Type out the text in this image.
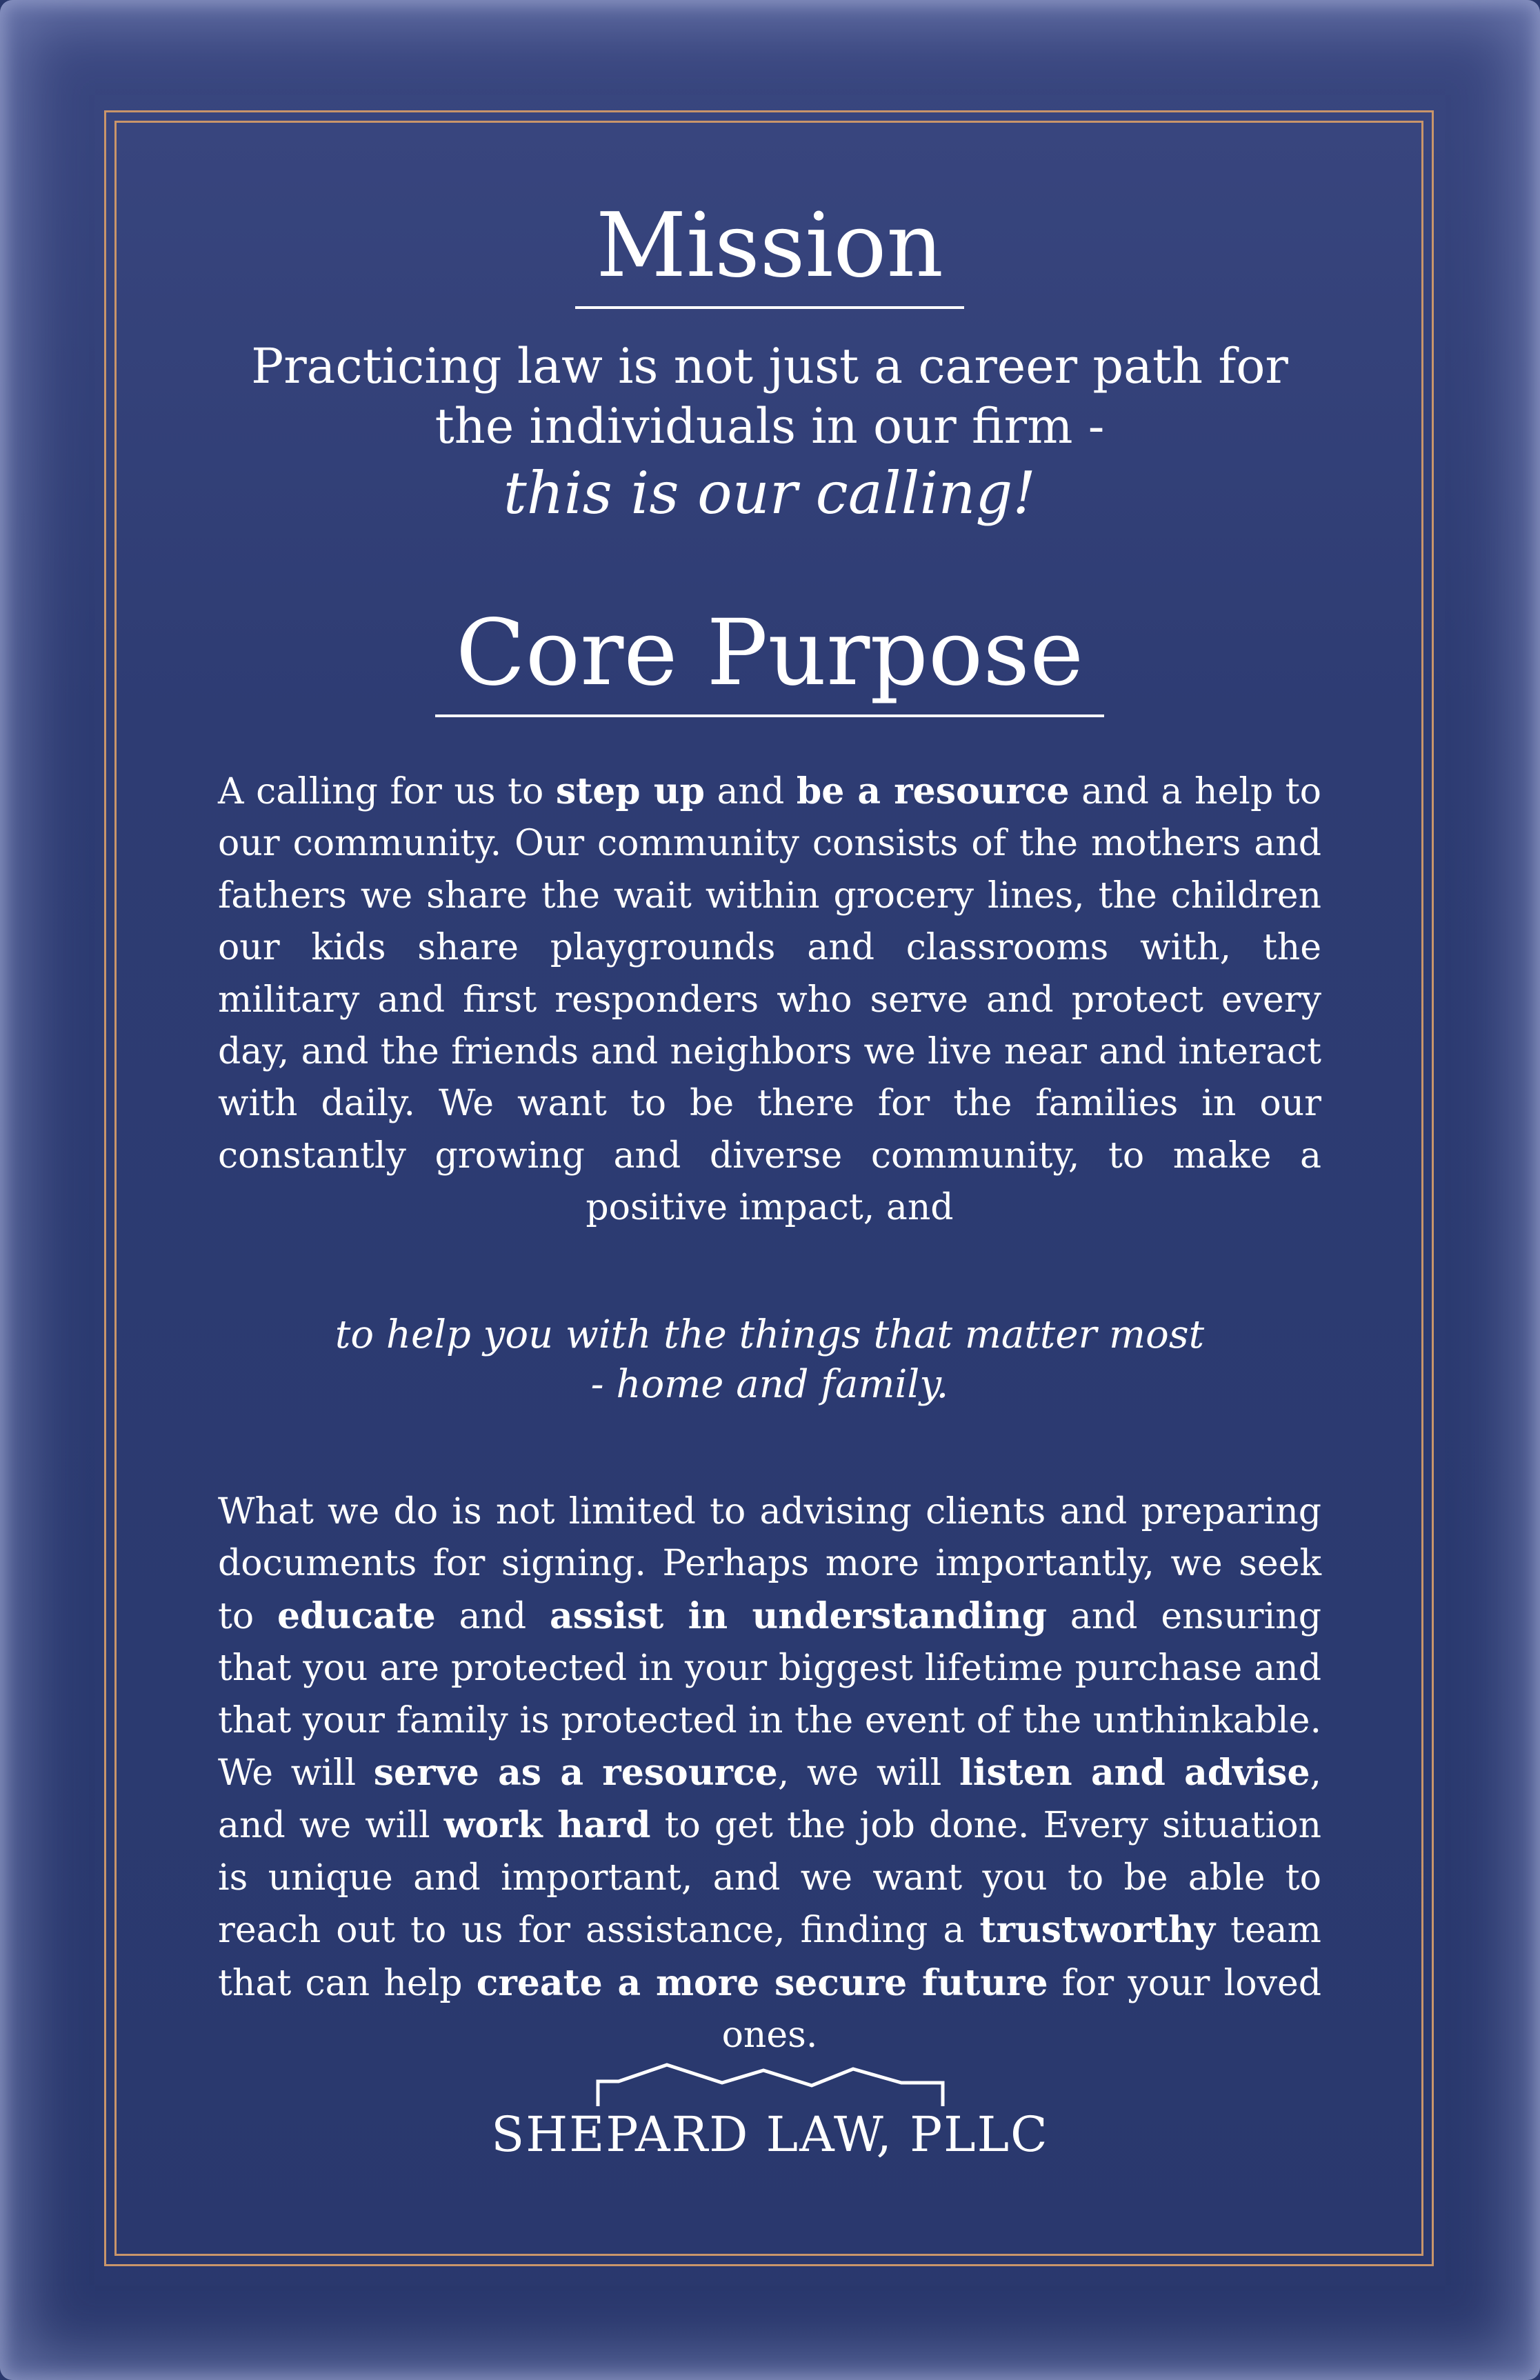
Mission

Practicing law is not just a career path for
the individuals in our firm -
this is our calling!

Core Purpose

A calling for us to step up and be a resource and a help to our community. Our community consists of the mothers and fathers we share the wait within grocery lines, the children our kids share playgrounds and classrooms with, the military and first responders who serve and protect every day, and the friends and neighbors we live near and interact with daily. We want to be there for the families in our constantly growing and diverse community, to make a positive impact, and

to help you with the things that matter most
- home and family.

What we do is not limited to advising clients and preparing documents for signing. Perhaps more importantly, we seek to educate and assist in understanding and ensuring that you are protected in your biggest lifetime purchase and that your family is protected in the event of the unthinkable. We will serve as a resource, we will listen and advise, and we will work hard to get the job done. Every situation is unique and important, and we want you to be able to reach out to us for assistance, finding a trustworthy team that can help create a more secure future for your loved ones.

SHEPARD LAW, PLLC
